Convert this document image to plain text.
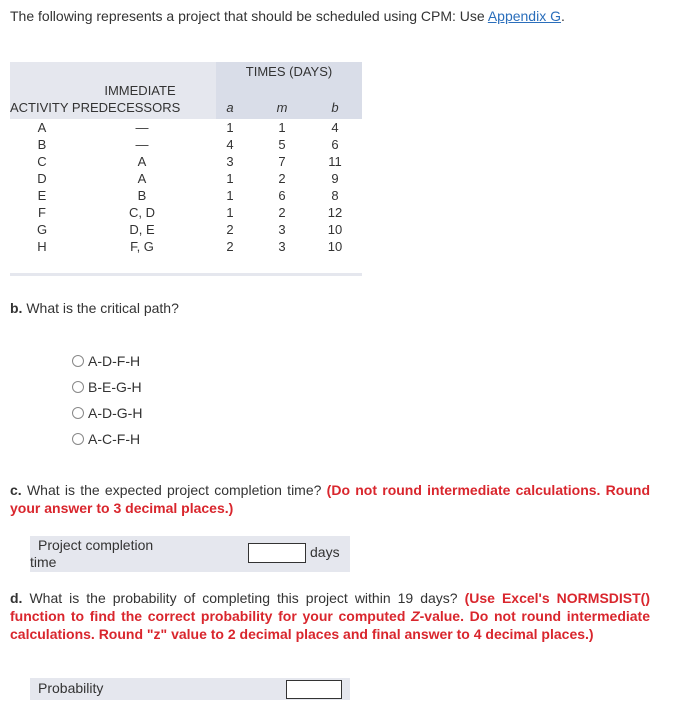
The following represents a project that should be scheduled using CPM: Use Appendix G.
TIMES (DAYS)
IMMEDIATE
ACTIVITY PREDECESSORS	a	m	b
A	—	1	1	4
B	—	4	5	6
C	A	3	7	11
D	A	1	2	9
E	B	1	6	8
F	C, D	1	2	12
G	D, E	2	3	10
H	F, G	2	3	10
b. What is the critical path?
A-D-F-H
B-E-G-H
A-D-G-H
A-C-F-H
c. What is the expected project completion time? (Do not round intermediate calculations. Round your answer to 3 decimal places.)
Project completion
time
days
d. What is the probability of completing this project within 19 days? (Use Excel's NORMSDIST() function to find the correct probability for your computed Z-value. Do not round intermediate calculations. Round "z" value to 2 decimal places and final answer to 4 decimal places.)
Probability
